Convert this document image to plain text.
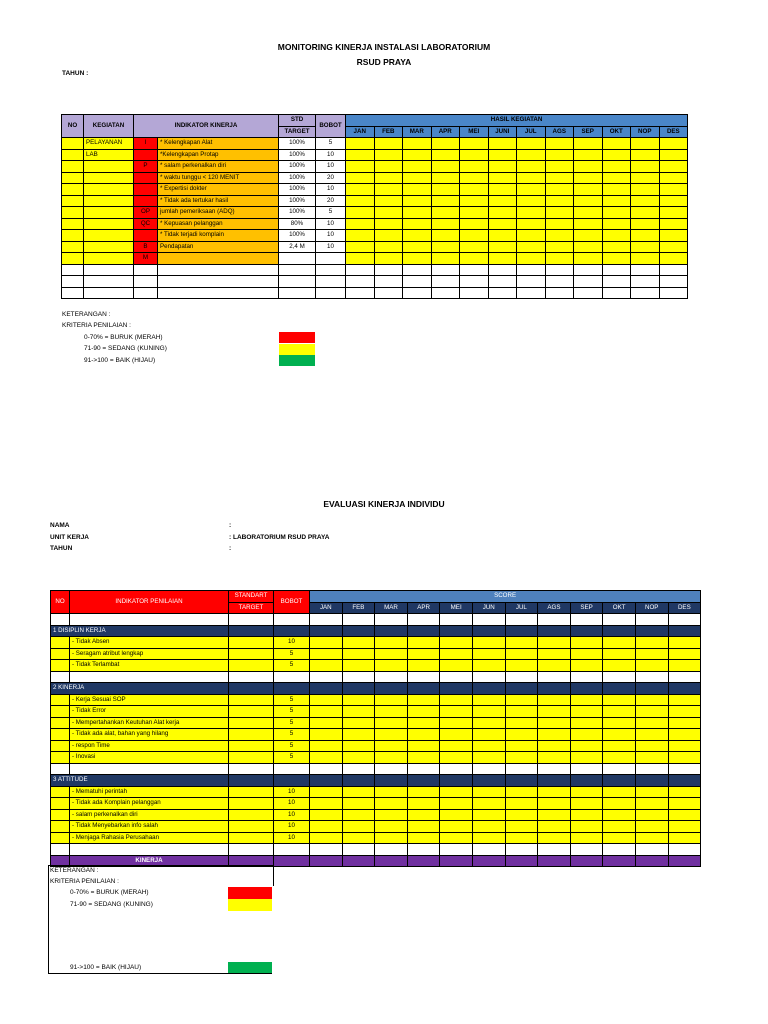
MONITORING KINERJA INSTALASI LABORATORIUM
RSUD PRAYA
TAHUN :
NO	KEGIATAN	INDIKATOR KINERJA		STD	BOBOT	HASIL KEGIATAN											
				TARGET		JAN	FEB	MAR	APR	MEI	JUNI	JUL	AGS	SEP	OKT	NOP	DES
	PELAYANAN	I	* Kelengkapan Alat	100%	5												
	LAB		*Kelengkapan Protap	100%	10												
		P	* salam perkenalkan diri	100%	10												
			* waktu tunggu < 120 MENIT	100%	20												
			* Expertisi dokter	100%	10												
			* Tidak ada tertukar hasil	100%	20												
		OP	jumlah pemeriksaan (ADQ)	100%	5												
		QC	* Kepuasan pelanggan	80%	10												
			* Tidak terjadi komplain	100%	10												
		B	Pendapatan	2,4 M	10												
		M															

KETERANGAN :
KRITERIA PENILAIAN :
0-70% = BURUK (MERAH)
71-90 = SEDANG (KUNING)
91->100 = BAIK (HIJAU)
EVALUASI KINERJA INDIVIDU
NAMA	:
UNIT KERJA	: LABORATORIUM RSUD PRAYA
TAHUN	:
NO	INDIKATOR PENILAIAN	STANDART	BOBOT	SCORE											
		TARGET		JAN	FEB	MAR	APR	MEI	JUN	JUL	AGS	SEP	OKT	NOP	DES

1 DISIPLIN KERJA															
	- Tidak Absen		10												
	- Seragam atribut lengkap		5												
	- Tidak Terlambat		5												

2 KINERJA															
	- Kerja Sesuai SOP		5												
	- Tidak Error		5												
	- Mempertahankan Keutuhan Alat kerja		5												
	- Tidak ada alat, bahan yang hilang		5												
	- respon Time		5												
	- Inovasi		5												

3 ATTITUDE															
	- Mematuhi perintah		10												
	- Tidak ada Komplain pelanggan		10												
	- salam perkenalkan diri		10												
	- Tidak Menyebarkan info salah		10												
	- Menjaga Rahasia Perusahaan		10												

	KINERJA														
KETERANGAN :
KRITERIA PENILAIAN :
0-70% = BURUK (MERAH)
71-90 = SEDANG (KUNING)
91->100 = BAIK (HIJAU)
